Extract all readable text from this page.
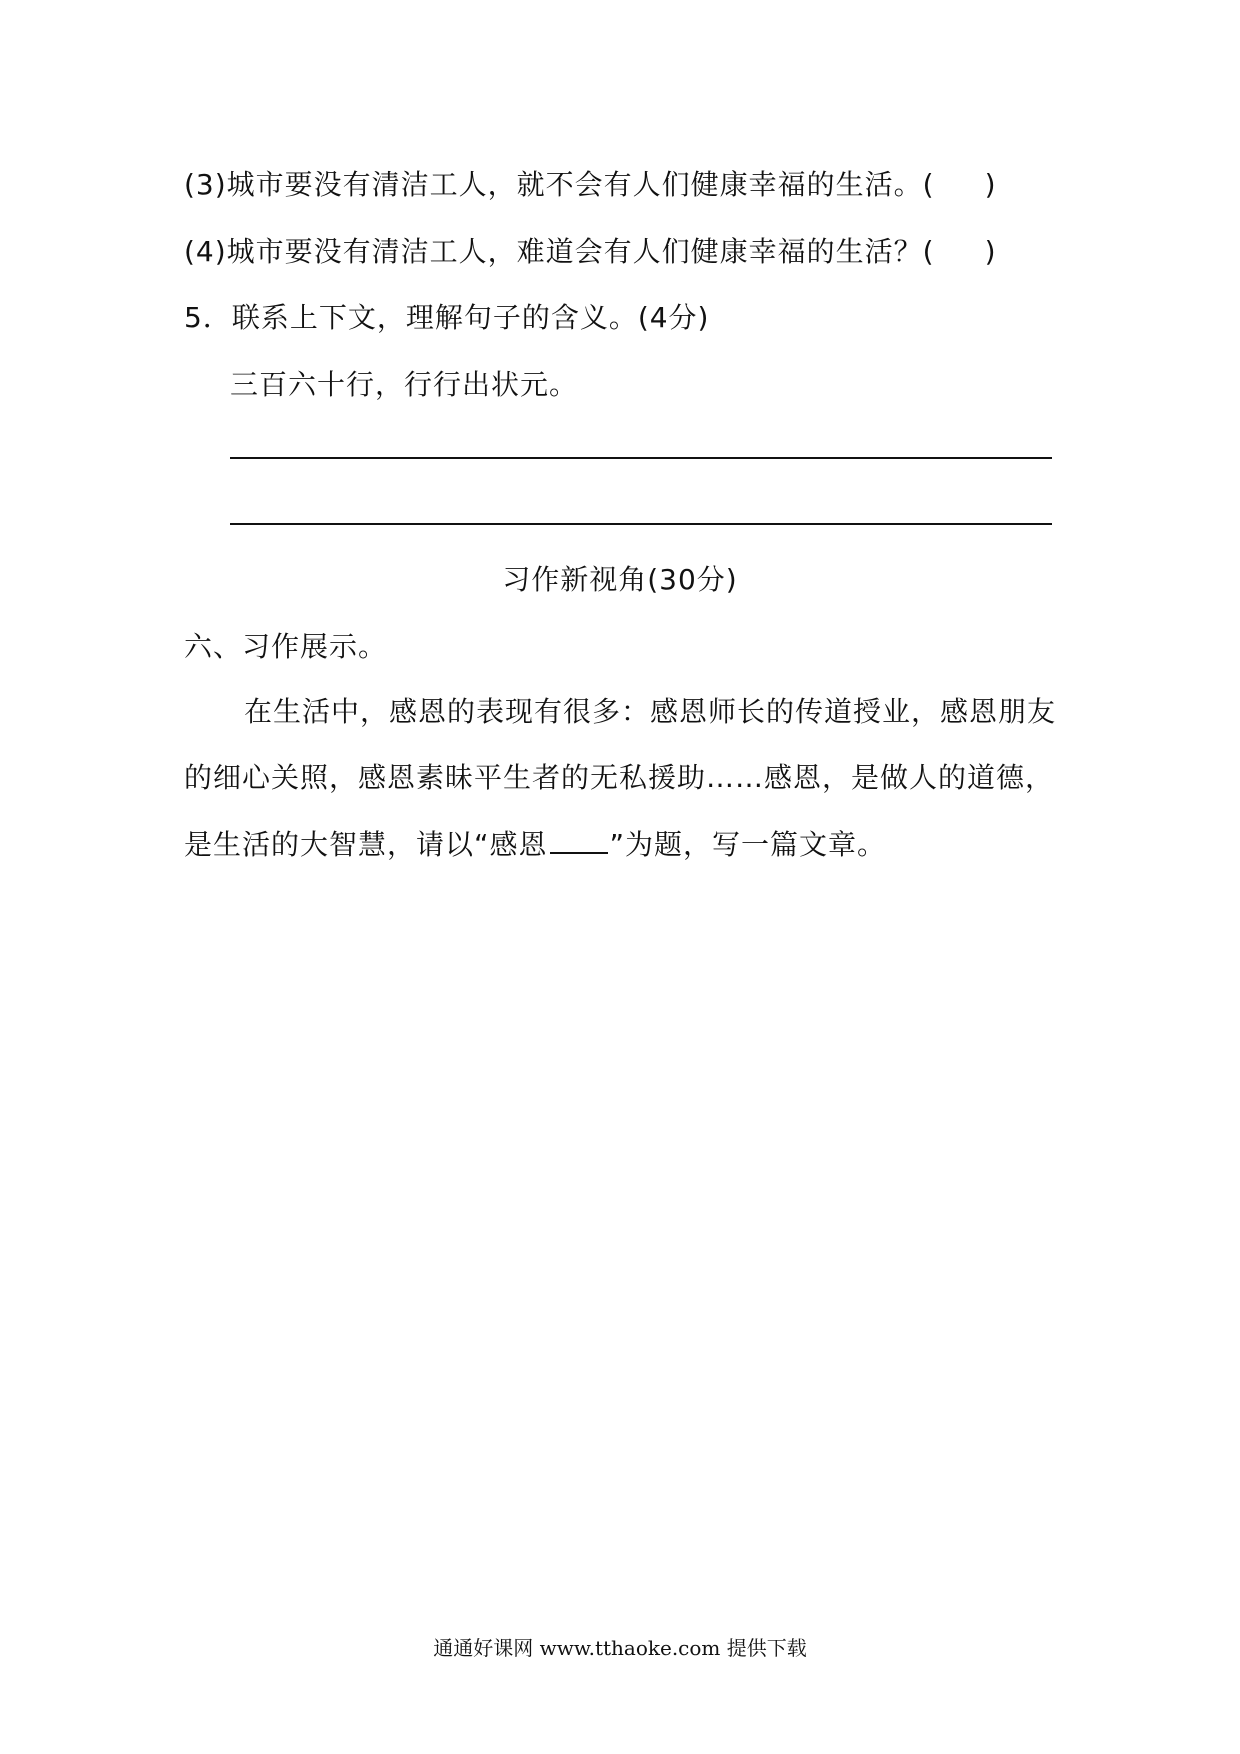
(3)城市要没有清洁工人，就不会有人们健康幸福的生活。( )
(4)城市要没有清洁工人，难道会有人们健康幸福的生活？( )
5．联系上下文，理解句子的含义。(4分)
三百六十行，行行出状元。
习作新视角(30分)
六、习作展示。
在生活中，感恩的表现有很多：感恩师长的传道授业，感恩朋友
的细心关照，感恩素昧平生者的无私援助……感恩，是做人的道德，
是生活的大智慧，请以“感恩 ”为题，写一篇文章。
通通好课网 www.tthaoke.com 提供下载
